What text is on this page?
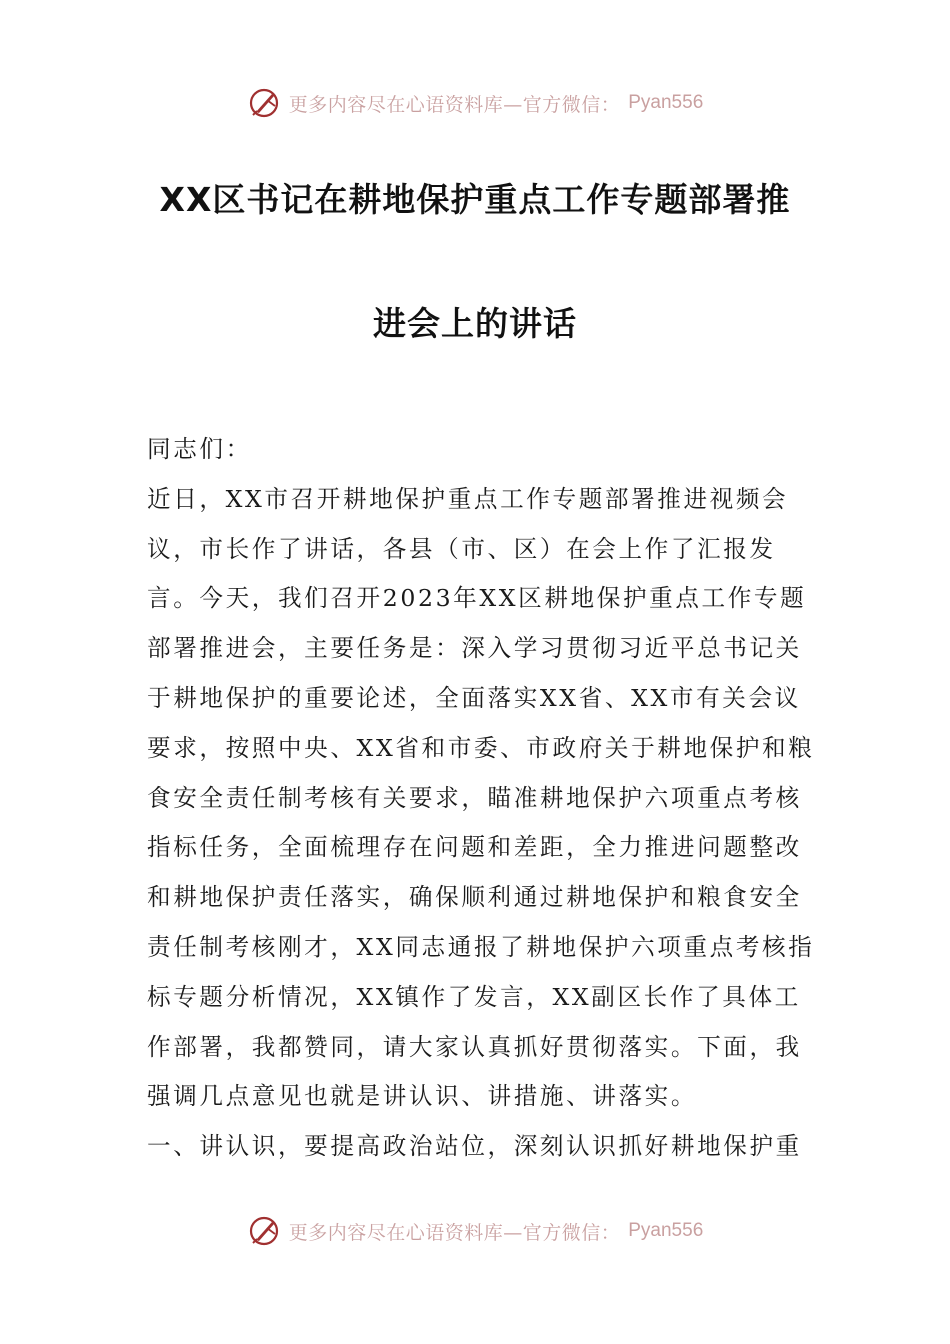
更多内容尽在心语资料库—官方微信： Pyan556
XX区书记在耕地保护重点工作专题部署推
进会上的讲话

同志们：

近日，XX市召开耕地保护重点工作专题部署推进视频会议，市长作了讲话，各县（市、区）在会上作了汇报发言。今天，我们召开2023年XX区耕地保护重点工作专题部署推进会，主要任务是：深入学习贯彻习近平总书记关于耕地保护的重要论述，全面落实XX省、XX市有关会议要求，按照中央、XX省和市委、市政府关于耕地保护和粮食安全责任制考核有关要求，瞄准耕地保护六项重点考核指标任务，全面梳理存在问题和差距，全力推进问题整改和耕地保护责任落实，确保顺利通过耕地保护和粮食安全责任制考核刚才，XX同志通报了耕地保护六项重点考核指标专题分析情况，XX镇作了发言，XX副区长作了具体工作部署，我都赞同，请大家认真抓好贯彻落实。下面，我强调几点意见也就是讲认识、讲措施、讲落实。

一、讲认识，要提高政治站位，深刻认识抓好耕地保护重

更多内容尽在心语资料库—官方微信： Pyan556
